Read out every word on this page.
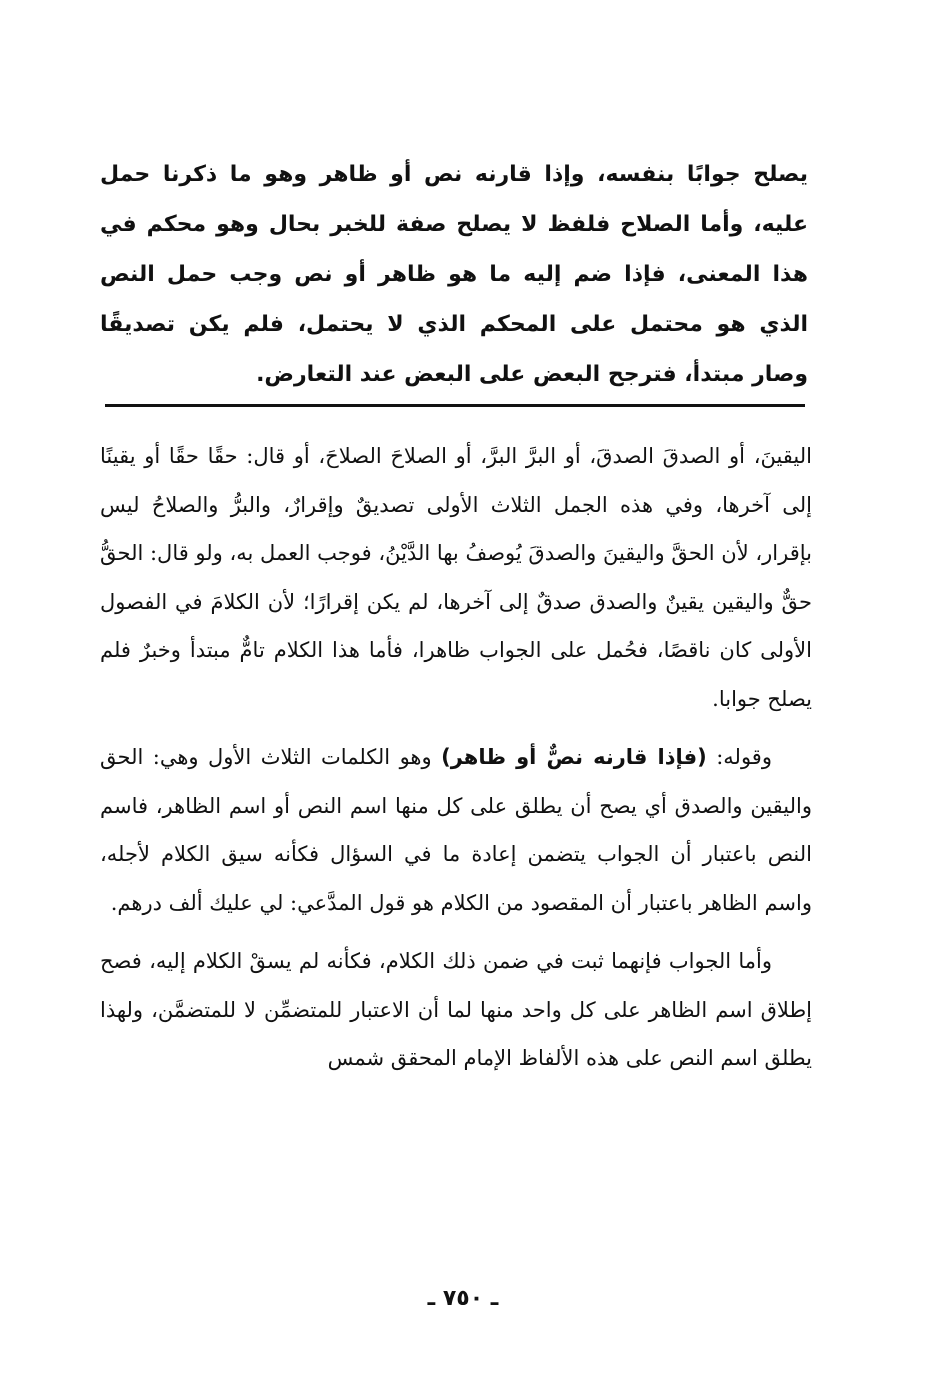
يصلح جوابًا بنفسه، وإذا قارنه نص أو ظاهر وهو ما ذكرنا حمل عليه، وأما الصلاح فلفظ لا يصلح صفة للخبر بحال وهو محكم في هذا المعنى، فإذا ضم إليه ما هو ظاهر أو نص وجب حمل النص الذي هو محتمل على المحكم الذي لا يحتمل، فلم يكن تصديقًا وصار مبتدأ، فترجح البعض على البعض عند التعارض.

اليقينَ، أو الصدقَ الصدقَ، أو البرَّ البرَّ، أو الصلاحَ الصلاحَ، أو قال: حقًا حقًا أو يقينًا إلى آخرها، وفي هذه الجمل الثلاث الأولى تصديقٌ وإقرارٌ، والبرُّ والصلاحُ ليس بإقرار، لأن الحقَّ واليقينَ والصدقَ يُوصفُ بها الدَّيْنُ، فوجب العمل به، ولو قال: الحقُّ حقٌّ واليقين يقينٌ والصدق صدقٌ إلى آخرها، لم يكن إقرارًا؛ لأن الكلامَ في الفصول الأولى كان ناقصًا، فحُمل على الجواب ظاهرا، فأما هذا الكلام تامٌّ مبتدأ وخبرٌ فلم يصلح جوابا.

وقوله: (فإذا قارنه نصٌّ أو ظاهر) وهو الكلمات الثلاث الأول وهي: الحق واليقين والصدق أي يصح أن يطلق على كل منها اسم النص أو اسم الظاهر، فاسم النص باعتبار أن الجواب يتضمن إعادة ما في السؤال فكأنه سيق الكلام لأجله، واسم الظاهر باعتبار أن المقصود من الكلام هو قول المدَّعي: لي عليك ألف درهم.

وأما الجواب فإنهما ثبت في ضمن ذلك الكلام، فكأنه لم يسقْ الكلام إليه، فصح إطلاق اسم الظاهر على كل واحد منها لما أن الاعتبار للمتضمِّن لا للمتضمَّن، ولهذا يطلق اسم النص على هذه الألفاظ الإمام المحقق شمس

ـ ٧٥٠ ـ
